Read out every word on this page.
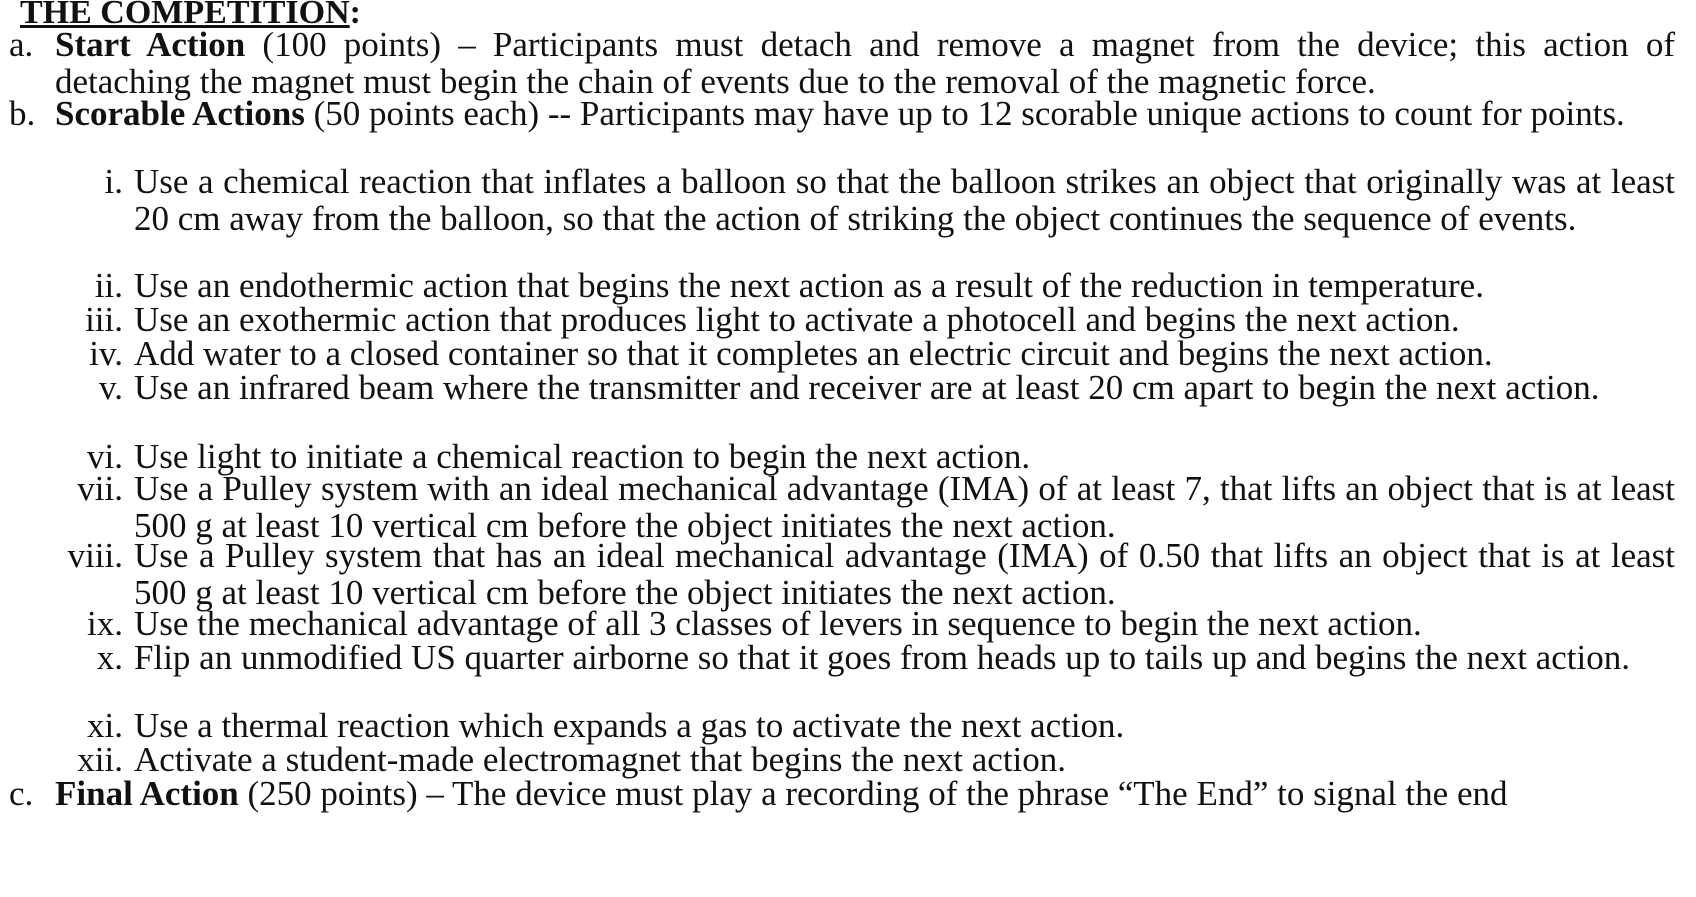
THE COMPETITION:
a. Start Action (100 points) – Participants must detach and remove a magnet from the device; this action of detaching the magnet must begin the chain of events due to the removal of the magnetic force.
b. Scorable Actions (50 points each) -- Participants may have up to 12 scorable unique actions to count for points.
i. Use a chemical reaction that inflates a balloon so that the balloon strikes an object that originally was at least 20 cm away from the balloon, so that the action of striking the object continues the sequence of events.
ii. Use an endothermic action that begins the next action as a result of the reduction in temperature.
iii. Use an exothermic action that produces light to activate a photocell and begins the next action.
iv. Add water to a closed container so that it completes an electric circuit and begins the next action.
v. Use an infrared beam where the transmitter and receiver are at least 20 cm apart to begin the next action.
vi. Use light to initiate a chemical reaction to begin the next action.
vii. Use a Pulley system with an ideal mechanical advantage (IMA) of at least 7, that lifts an object that is at least 500 g at least 10 vertical cm before the object initiates the next action.
viii. Use a Pulley system that has an ideal mechanical advantage (IMA) of 0.50 that lifts an object that is at least 500 g at least 10 vertical cm before the object initiates the next action.
ix. Use the mechanical advantage of all 3 classes of levers in sequence to begin the next action.
x. Flip an unmodified US quarter airborne so that it goes from heads up to tails up and begins the next action.
xi. Use a thermal reaction which expands a gas to activate the next action.
xii. Activate a student-made electromagnet that begins the next action.
c. Final Action (250 points) – The device must play a recording of the phrase “The End” to signal the end
